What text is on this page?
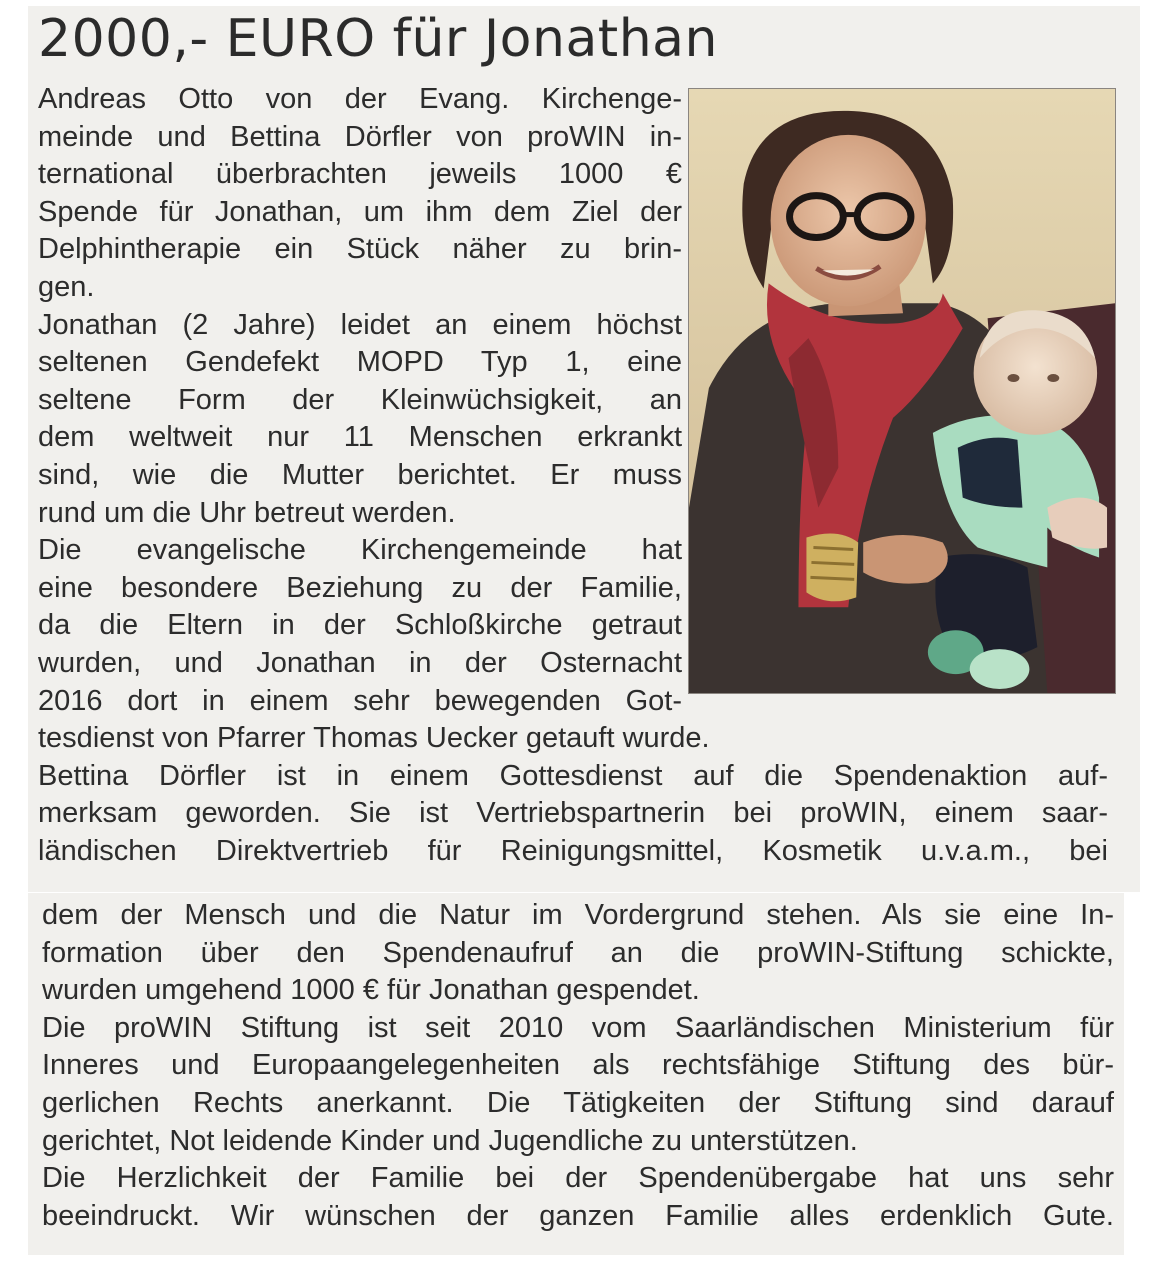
2000,- EURO für Jonathan
Andreas Otto von der Evang. Kirchenge-
meinde und Bettina Dörfler von proWIN in-
ternational überbrachten jeweils 1000 €
Spende für Jonathan, um ihm dem Ziel der
Delphintherapie ein Stück näher zu brin-
gen.
Jonathan (2 Jahre) leidet an einem höchst
seltenen Gendefekt MOPD Typ 1, eine
seltene Form der Kleinwüchsigkeit, an
dem weltweit nur 11 Menschen erkrankt
sind, wie die Mutter berichtet. Er muss
rund um die Uhr betreut werden.
Die evangelische Kirchengemeinde hat
eine besondere Beziehung zu der Familie,
da die Eltern in der Schloßkirche getraut
wurden, und Jonathan in der Osternacht
2016 dort in einem sehr bewegenden Got-
tesdienst von Pfarrer Thomas Uecker getauft wurde.
Bettina Dörfler ist in einem Gottesdienst auf die Spendenaktion auf-
merksam geworden. Sie ist Vertriebspartnerin bei proWIN, einem saar-
ländischen Direktvertrieb für Reinigungsmittel, Kosmetik u.v.a.m., bei
dem der Mensch und die Natur im Vordergrund stehen. Als sie eine In-
formation über den Spendenaufruf an die proWIN-Stiftung schickte,
wurden umgehend 1000 € für Jonathan gespendet.
Die proWIN Stiftung ist seit 2010 vom Saarländischen Ministerium für
Inneres und Europaangelegenheiten als rechtsfähige Stiftung des bür-
gerlichen Rechts anerkannt. Die Tätigkeiten der Stiftung sind darauf
gerichtet, Not leidende Kinder und Jugendliche zu unterstützen.
Die Herzlichkeit der Familie bei der Spendenübergabe hat uns sehr
beeindruckt. Wir wünschen der ganzen Familie alles erdenklich Gute.
